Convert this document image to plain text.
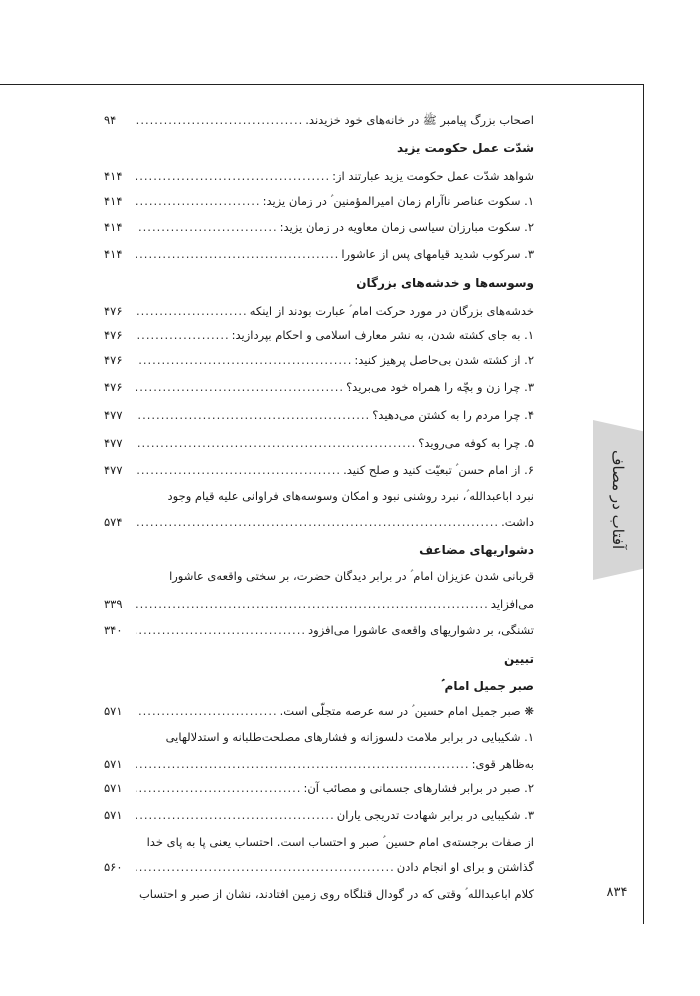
آفتاب در مصاف
۸۳۴
اصحاب بزرگ پیامبر ﷺ در خانه‌های خود خزیدند.
.....
۹۴
شدّت عمل حکومت یزید
شواهد شدّت عمل حکومت یزید عبارتند از:
.....
۴۱۴
۱. سکوت عناصر ناآرام زمان امیرالمؤمنین ؑ در زمان یزید:
.....
۴۱۴
۲. سکوت مبارزان سیاسی زمان معاویه در زمان یزید:
.....
۴۱۴
۳. سرکوب شدید قیامهای پس از عاشورا
.....
۴۱۴
وسوسه‌ها و خدشه‌های بزرگان
خدشه‌های بزرگان در مورد حرکت امام ؑ عبارت بودند از اینکه
.....
۴۷۶
۱. به جای کشته شدن، به نشر معارف اسلامی و احکام بپردازید:
.....
۴۷۶
۲. از کشته شدن بی‌حاصل پرهیز کنید:
.....
۴۷۶
۳. چرا زن و بچّه را همراه خود می‌برید؟
.....
۴۷۶
۴. چرا مردم را به کشتن می‌دهید؟
.....
۴۷۷
۵. چرا به کوفه می‌روید؟
.....
۴۷۷
۶. از امام حسن ؑ تبعیّت کنید و صلح کنید.
.....
۴۷۷
نبرد اباعبدالله ؑ، نبرد روشنی نبود و امکان وسوسه‌های فراوانی علیه قیام وجود
داشت.
.....
۵۷۴
دشواریهای مضاعف
قربانی شدن عزیزان امام ؑ در برابر دیدگان حضرت، بر سختی واقعه‌ی عاشورا
می‌افزاید
.....
۳۳۹
تشنگی، بر دشواریهای واقعه‌ی عاشورا می‌افزود
.....
۳۴۰
تبیین
صبر جمیل امام ؑ
❋ صبر جمیل امام حسین ؑ در سه عرصه متجلّی است.
.....
۵۷۱
۱. شکیبایی در برابر ملامت دلسوزانه و فشارهای مصلحت‌طلبانه و استدلالهایی
به‌ظاهر قوی:
.....
۵۷۱
۲. صبر در برابر فشارهای جسمانی و مصائب آن:
.....
۵۷۱
۳. شکیبایی در برابر شهادت تدریجی یاران
.....
۵۷۱
از صفات برجسته‌ی امام حسین ؑ صبر و احتساب است. احتساب یعنی پا به پای خدا
گذاشتن و برای او انجام دادن
.....
۵۶۰
کلام اباعبدالله ؑ وقتی که در گودال قتلگاه روی زمین افتادند، نشان از صبر و احتساب
